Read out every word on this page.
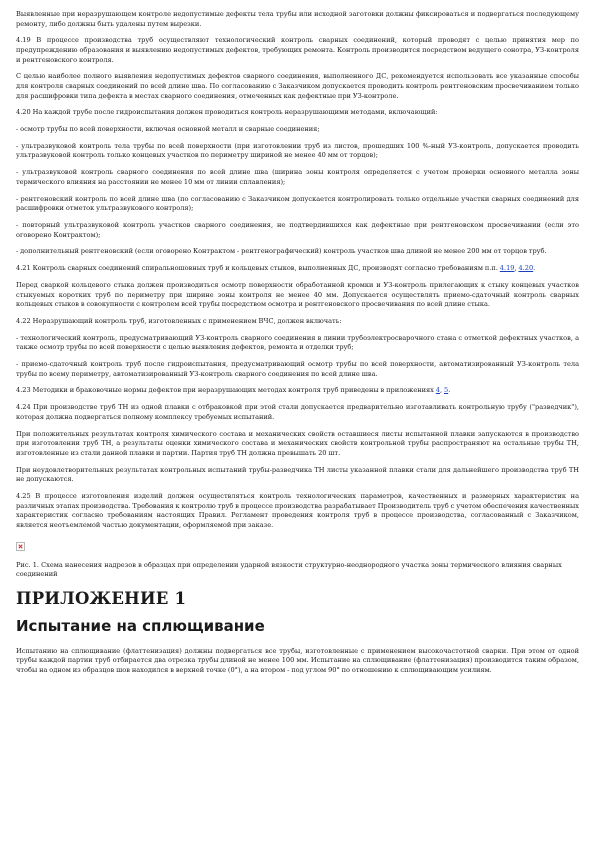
Выявленные при неразрушающем контроле недопустимые дефекты тела трубы или исходной заготовки должны фиксироваться и подвергаться последующему ремонту, либо должны быть удалены путем вырезки.

4.19 В процессе производства труб осуществляют технологический контроль сварных соединений, который проводят с целью принятия мер по предупреждению образования и выявлению недопустимых дефектов, требующих ремонта. Контроль производится посредством ведущего сонотра, УЗ-контроля и рентгеновского контроля.

С целью наиболее полного выявления недопустимых дефектов сварного соединения, выполненного ДС, рекомендуется использовать все указанные способы для контроля сварных соединений по всей длине шва. По согласованию с Заказчиком допускается проводить контроль рентгеновским просвечиванием только для расшифровки типа дефекта в местах сварного соединения, отмеченных как дефектные при УЗ-контроле.

4.20 На каждой трубе после гидроиспытания должен проводиться контроль неразрушающими методами, включающий:

- осмотр трубы по всей поверхности, включая основной металл и сварные соединения;

- ультразвуковой контроль тела трубы по всей поверхности (при изготовлении труб из листов, прошедших 100 %-ный УЗ-контроль, допускается проводить ультразвуковой контроль только концевых участков по периметру шириной не менее 40 мм от торцов);

- ультразвуковой контроль сварного соединения по всей длине шва (ширина зоны контроля определяется с учетом проверки основного металла зоны термического влияния на расстоянии не менее 10 мм от линии сплавления);

- рентгеновский контроль по всей длине шва (по согласованию с Заказчиком допускается контролировать только отдельные участки сварных соединений для расшифровки отметок ультразвукового контроля);

- повторный ультразвуковой контроль участков сварного соединения, не подтвердившихся как дефектные при рентгеновском просвечивании (если это оговорено Контрактом);

- дополнительный рентгеновский (если оговорено Контрактом - рентгенографический) контроль участков шва длиной не менее 200 мм от торцов труб.

4.21 Контроль сварных соединений спиральношовных труб и кольцевых стыков, выполненных ДС, производят согласно требованиям п.п. 4.19, 4.20.

Перед сваркой кольцевого стыка должен производиться осмотр поверхности обработанной кромки и УЗ-контроль прилегающих к стыку концевых участков стыкуемых коротких труб по периметру при ширине зоны контроля не менее 40 мм. Допускается осуществлять приемо-сдаточный контроль сварных кольцевых стыков в совокупности с контролем всей трубы посредством осмотра и рентгеновского просвечивания по всей длине стыка.

4.22 Неразрушающий контроль труб, изготовленных с применением ВЧС, должен включать:

- технологический контроль, предусматривающий УЗ-контроль сварного соединения в линии трубоэлектросварочного стана с отметкой дефектных участков, а также осмотр трубы по всей поверхности с целью выявления дефектов, ремонта и отделки труб;

- приемо-сдаточный контроль труб после гидроиспытания, предусматривающий осмотр трубы по всей поверхности, автоматизированный УЗ-контроль тела трубы по всему периметру, автоматизированный УЗ-контроль сварного соединения по всей длине шва.

4.23 Методики и браковочные нормы дефектов при неразрушающих методах контроля труб приведены в приложениях 4, 5.

4.24 При производстве труб ТН из одной плавки с отбраковкой при этой стали допускается предварительно изготавливать контрольную трубу ("разведчик"), которая должна подвергаться полному комплексу требуемых испытаний.

При положительных результатах контроля химического состава и механических свойств оставшиеся листы испытанной плавки запускаются в производство при изготовлении труб ТН, а результаты оценки химического состава и механических свойств контрольной трубы распространяют на остальные трубы ТН, изготовленные из стали данной плавки и партии. Партия труб ТН должна превышать 20 шт.

При неудовлетворительных результатах контрольных испытаний трубы-разведчика ТН листы указанной плавки стали для дальнейшего производства труб ТН не допускаются.

4.25 В процессе изготовления изделий должен осуществляться контроль технологических параметров, качественных и размерных характеристик на различных этапах производства. Требования к контролю труб в процессе производства разрабатывает Производитель труб с учетом обеспечения качественных характеристик согласно требованиям настоящих Правил. Регламент проведения контроля труб в процессе производства, согласованный с Заказчиком, является неотъемлемой частью документации, оформляемой при заказе.

Рис. 1. Схема нанесения надрезов в образцах при определении ударной вязкости структурно-неоднородного участка зоны термического влияния сварных соединений

ПРИЛОЖЕНИЕ 1
Испытание на сплющивание

Испытанию на сплющивание (флаттенизация) должны подвергаться все трубы, изготовленные с применением высокочастотной сварки. При этом от одной трубы каждой партии труб отбирается два отрезка трубы длиной не менее 100 мм. Испытание на сплющивание (флаттенизация) производится таким образом, чтобы на одном из образцов шов находился в верхней точке (0°), а на втором - под углом 90° по отношению к сплющивающим усилиям.
